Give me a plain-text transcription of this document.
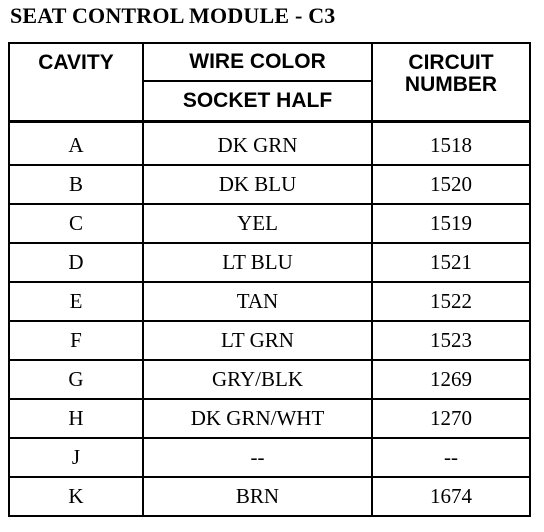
SEAT CONTROL MODULE - C3
CAVITY	WIRE COLOR	CIRCUIT
NUMBER

	SOCKET HALF	
A	DK GRN	1518
B	DK BLU	1520
C	YEL	1519
D	LT BLU	1521
E	TAN	1522
F	LT GRN	1523
G	GRY/BLK	1269
H	DK GRN/WHT	1270
J	--	--
K	BRN	1674
